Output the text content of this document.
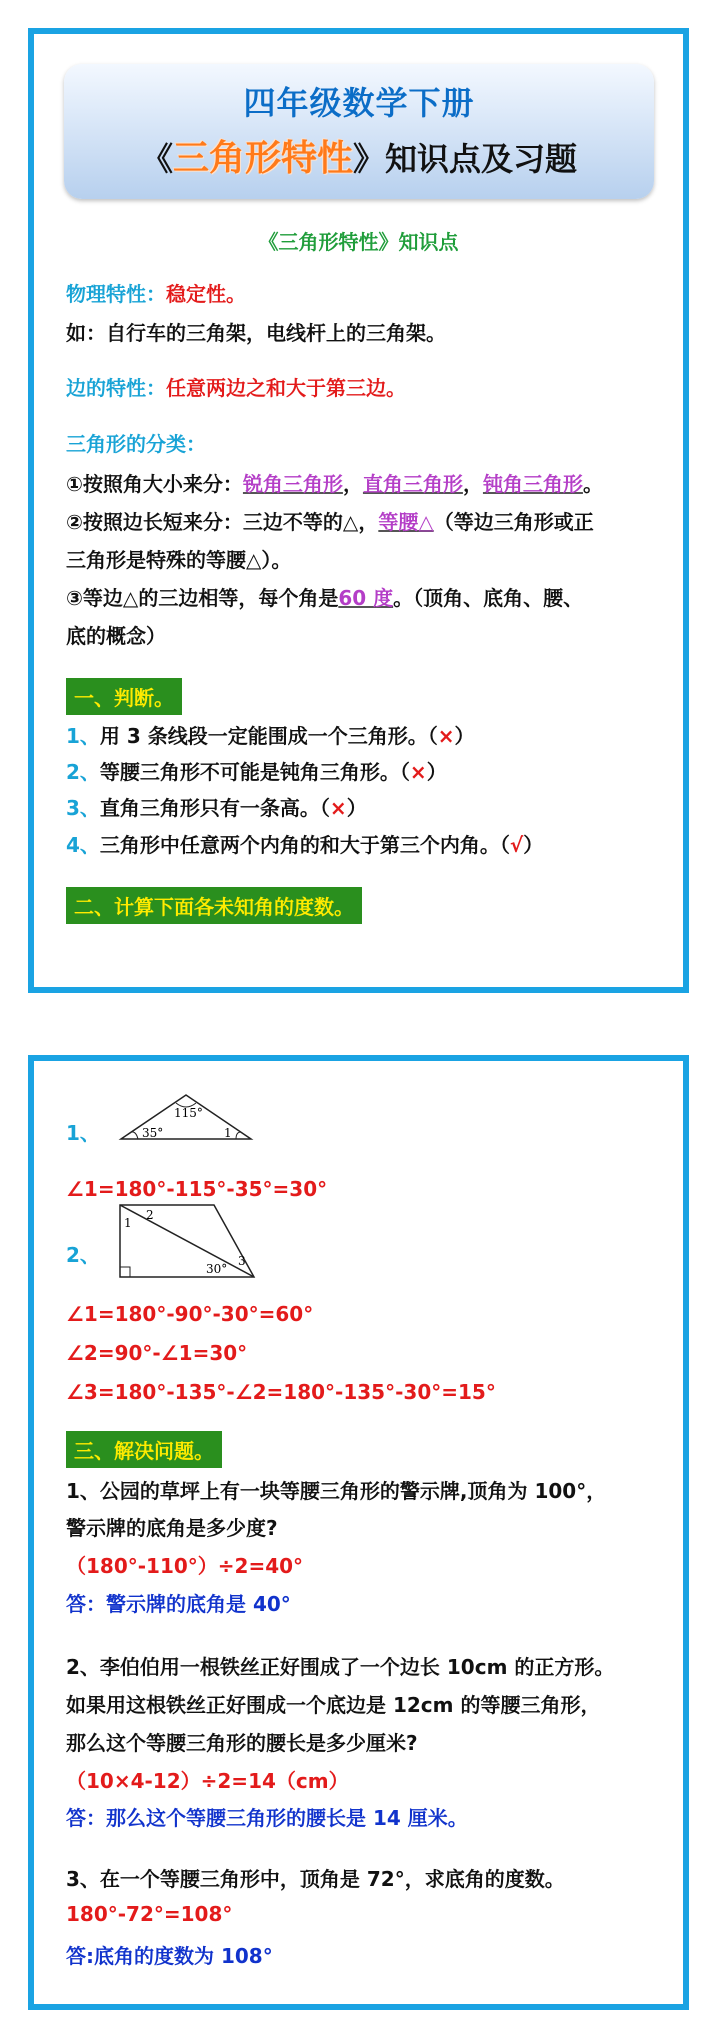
四年级数学下册
《三角形特性》知识点及习题
《三角形特性》知识点
物理特性：稳定性。
如：自行车的三角架，电线杆上的三角架。
边的特性：任意两边之和大于第三边。
三角形的分类：
①按照角大小来分：锐角三角形，直角三角形，钝角三角形。
②按照边长短来分：三边不等的△，等腰△（等边三角形或正
三角形是特殊的等腰△）。
③等边△的三边相等，每个角是60 度。（顶角、底角、腰、
底的概念）
一、判断。
1、用 3 条线段一定能围成一个三角形。（×）
2、等腰三角形不可能是钝角三角形。（×）
3、直角三角形只有一条高。（×）
4、三角形中任意两个内角的和大于第三个内角。（√）
二、计算下面各未知角的度数。
1、
115°
35°	1
∠1=180°-115°-35°=30°
2、
1
2
3
30°
∠1=180°-90°-30°=60°
∠2=90°-∠1=30°
∠3=180°-135°-∠2=180°-135°-30°=15°
三、解决问题。
1、公园的草坪上有一块等腰三角形的警示牌,顶角为 100°，
警示牌的底角是多少度?
（180°-110°）÷2=40°
答：警示牌的底角是 40°
2、李伯伯用一根铁丝正好围成了一个边长 10cm 的正方形。
如果用这根铁丝正好围成一个底边是 12cm 的等腰三角形，
那么这个等腰三角形的腰长是多少厘米?
（10×4-12）÷2=14（cm）
答：那么这个等腰三角形的腰长是 14 厘米。
3、在一个等腰三角形中，顶角是 72°，求底角的度数。
180°-72°=108°
答:底角的度数为 108°
